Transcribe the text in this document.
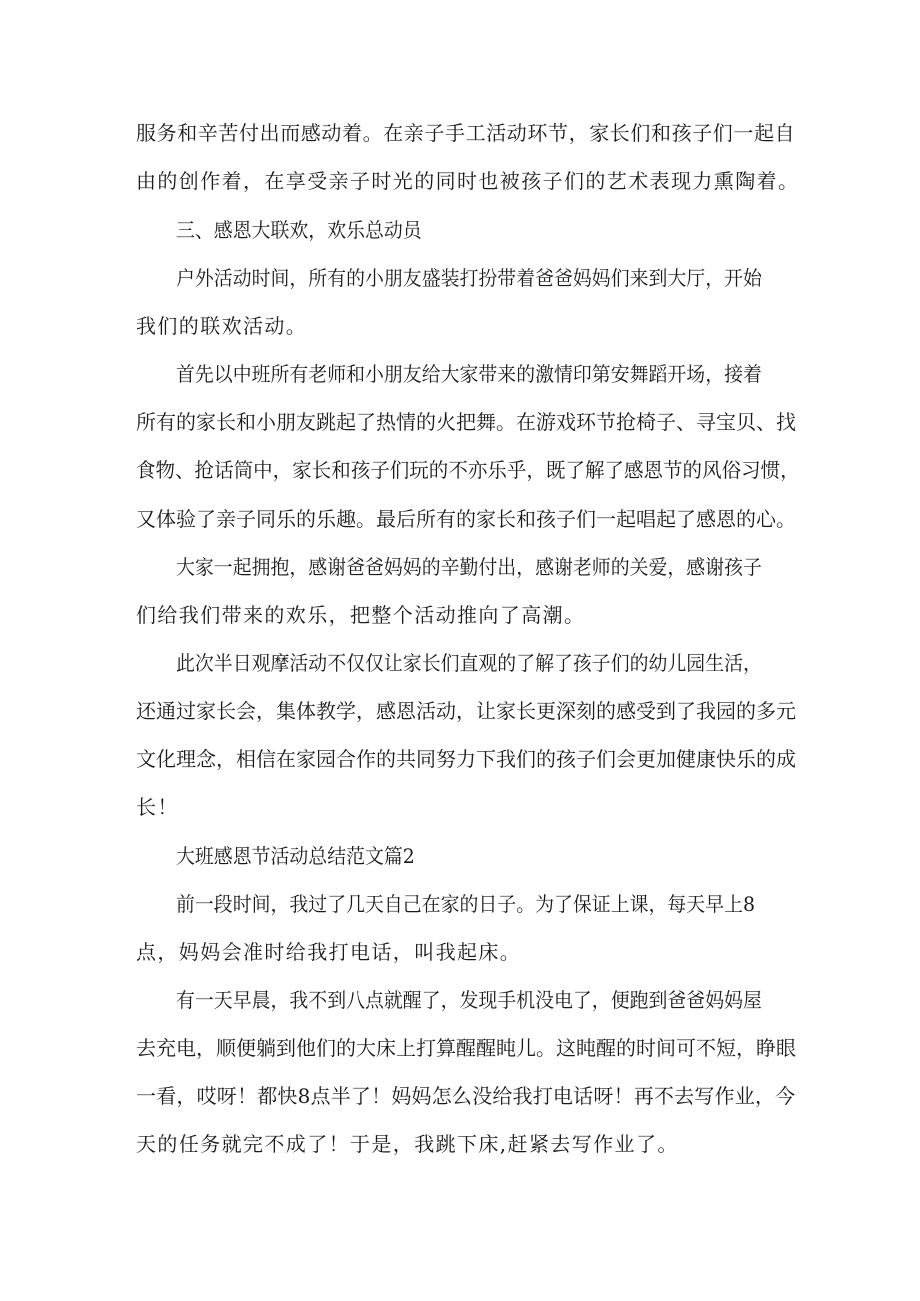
服务和辛苦付出而感动着。在亲子手工活动环节，家长们和孩子们一起自

由的创作着，在享受亲子时光的同时也被孩子们的艺术表现力熏陶着。

三、感恩大联欢，欢乐总动员

户外活动时间，所有的小朋友盛装打扮带着爸爸妈妈们来到大厅，开始

我们的联欢活动。

首先以中班所有老师和小朋友给大家带来的激情印第安舞蹈开场，接着

所有的家长和小朋友跳起了热情的火把舞。在游戏环节抢椅子、寻宝贝、找

食物、抢话筒中，家长和孩子们玩的不亦乐乎，既了解了感恩节的风俗习惯，

又体验了亲子同乐的乐趣。最后所有的家长和孩子们一起唱起了感恩的心。

大家一起拥抱，感谢爸爸妈妈的辛勤付出，感谢老师的关爱，感谢孩子

们给我们带来的欢乐，把整个活动推向了高潮。

此次半日观摩活动不仅仅让家长们直观的了解了孩子们的幼儿园生活，

还通过家长会，集体教学，感恩活动，让家长更深刻的感受到了我园的多元

文化理念，相信在家园合作的共同努力下我们的孩子们会更加健康快乐的成

长！

大班感恩节活动总结范文篇2

前一段时间，我过了几天自己在家的日子。为了保证上课，每天早上8

点，妈妈会准时给我打电话，叫我起床。

有一天早晨，我不到八点就醒了，发现手机没电了，便跑到爸爸妈妈屋

去充电，顺便躺到他们的大床上打算醒醒盹儿。这盹醒的时间可不短，睁眼

一看，哎呀！都快8点半了！妈妈怎么没给我打电话呀！再不去写作业，今

天的任务就完不成了！于是，我跳下床,赶紧去写作业了。
